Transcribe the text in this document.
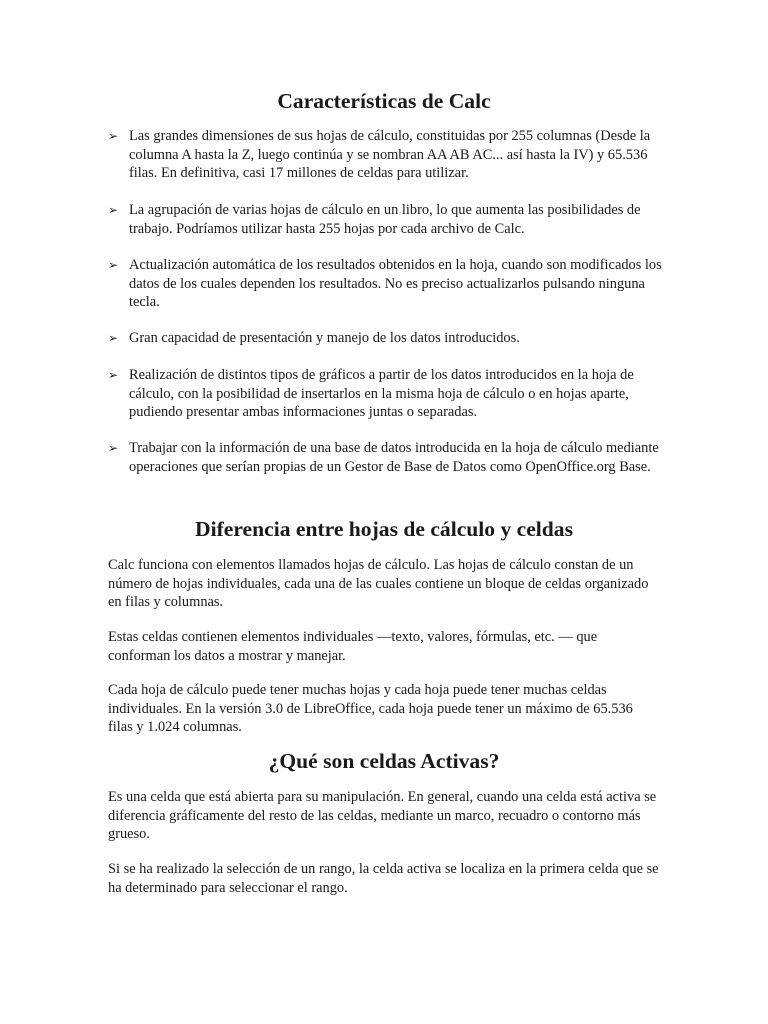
Características de Calc
➢ Las grandes dimensiones de sus hojas de cálculo, constituidas por 255 columnas (Desde la columna A hasta la Z, luego continúa y se nombran AA AB AC... así hasta la IV) y 65.536 filas. En definitiva, casi 17 millones de celdas para utilizar.
➢ La agrupación de varias hojas de cálculo en un libro, lo que aumenta las posibilidades de trabajo. Podríamos utilizar hasta 255 hojas por cada archivo de Calc.
➢ Actualización automática de los resultados obtenidos en la hoja, cuando son modificados los datos de los cuales dependen los resultados. No es preciso actualizarlos pulsando ninguna tecla.
➢ Gran capacidad de presentación y manejo de los datos introducidos.
➢ Realización de distintos tipos de gráficos a partir de los datos introducidos en la hoja de cálculo, con la posibilidad de insertarlos en la misma hoja de cálculo o en hojas aparte, pudiendo presentar ambas informaciones juntas o separadas.
➢ Trabajar con la información de una base de datos introducida en la hoja de cálculo mediante operaciones que serían propias de un Gestor de Base de Datos como OpenOffice.org Base.
Diferencia entre hojas de cálculo y celdas

Calc funciona con elementos llamados hojas de cálculo. Las hojas de cálculo constan de un número de hojas individuales, cada una de las cuales contiene un bloque de celdas organizado en filas y columnas.

Estas celdas contienen elementos individuales —texto, valores, fórmulas, etc. — que conforman los datos a mostrar y manejar.

Cada hoja de cálculo puede tener muchas hojas y cada hoja puede tener muchas celdas individuales. En la versión 3.0 de LibreOffice, cada hoja puede tener un máximo de 65.536 filas y 1.024 columnas.

¿Qué son celdas Activas?

Es una celda que está abierta para su manipulación. En general, cuando una celda está activa se diferencia gráficamente del resto de las celdas, mediante un marco, recuadro o contorno más grueso.

Si se ha realizado la selección de un rango, la celda activa se localiza en la primera celda que se ha determinado para seleccionar el rango.
